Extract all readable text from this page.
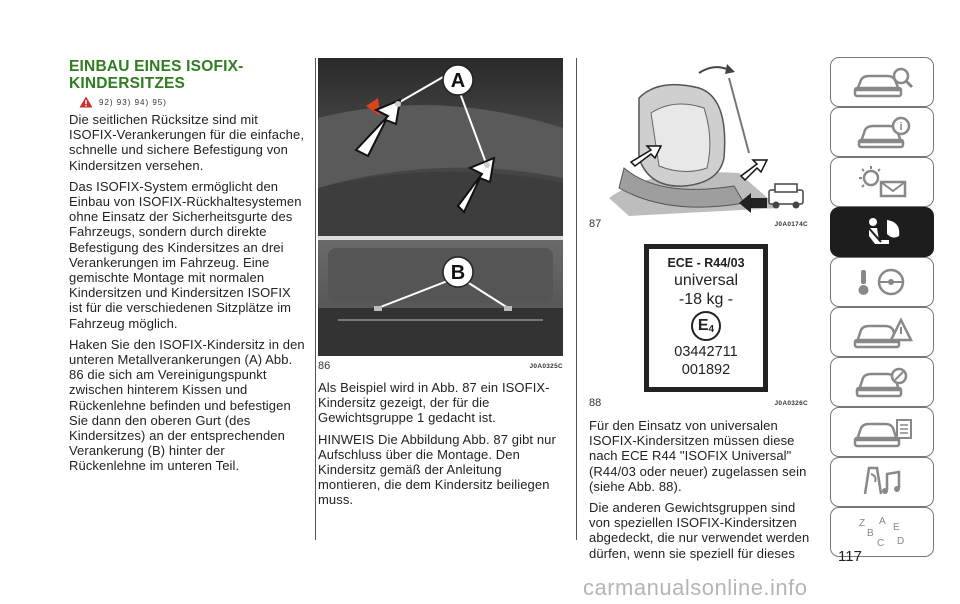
EINBAU EINES ISOFIX-
KINDERSITZES
92) 93) 94) 95)

Die seitlichen Rücksitze sind mit ISOFIX-Verankerungen für die einfache, schnelle und sichere Befestigung von Kindersitzen versehen.

Das ISOFIX-System ermöglicht den Einbau von ISOFIX-Rückhaltesystemen ohne Einsatz der Sicherheitsgurte des Fahrzeugs, sondern durch direkte Befestigung des Kindersitzes an drei Verankerungen im Fahrzeug. Eine gemischte Montage mit normalen Kindersitzen und Kindersitzen ISOFIX ist für die verschiedenen Sitzplätze im Fahrzeug möglich.

Haken Sie den ISOFIX-Kindersitz in den unteren Metallverankerungen (A) Abb. 86 die sich am Vereinigungspunkt zwischen hinterem Kissen und Rückenlehne befinden und befestigen Sie dann den oberen Gurt (des Kindersitzes) an der entsprechenden Verankerung (B) hinter der Rückenlehne im unteren Teil.

A
B
86	J0A0325C

Als Beispiel wird in Abb. 87 ein ISOFIX-Kindersitz gezeigt, der für die Gewichtsgruppe 1 gedacht ist.

HINWEIS Die Abbildung Abb. 87 gibt nur Aufschluss über die Montage. Den Kindersitz gemäß der Anleitung montieren, die dem Kindersitz beiliegen muss.

87	J0A0174C
ECE - R44/03
universal
-18 kg -
E 4
03442711
001892
88	J0A0326C

Für den Einsatz von universalen ISOFIX-Kindersitzen müssen diese nach ECE R44 "ISOFIX Universal" (R44/03 oder neuer) zugelassen sein (siehe Abb. 88).

Die anderen Gewichtsgruppen sind von speziellen ISOFIX-Kindersitzen abgedeckt, die nur verwendet werden dürfen, wenn sie speziell für dieses

i
Z A
B
E
C D
117
carmanualsonline.info
